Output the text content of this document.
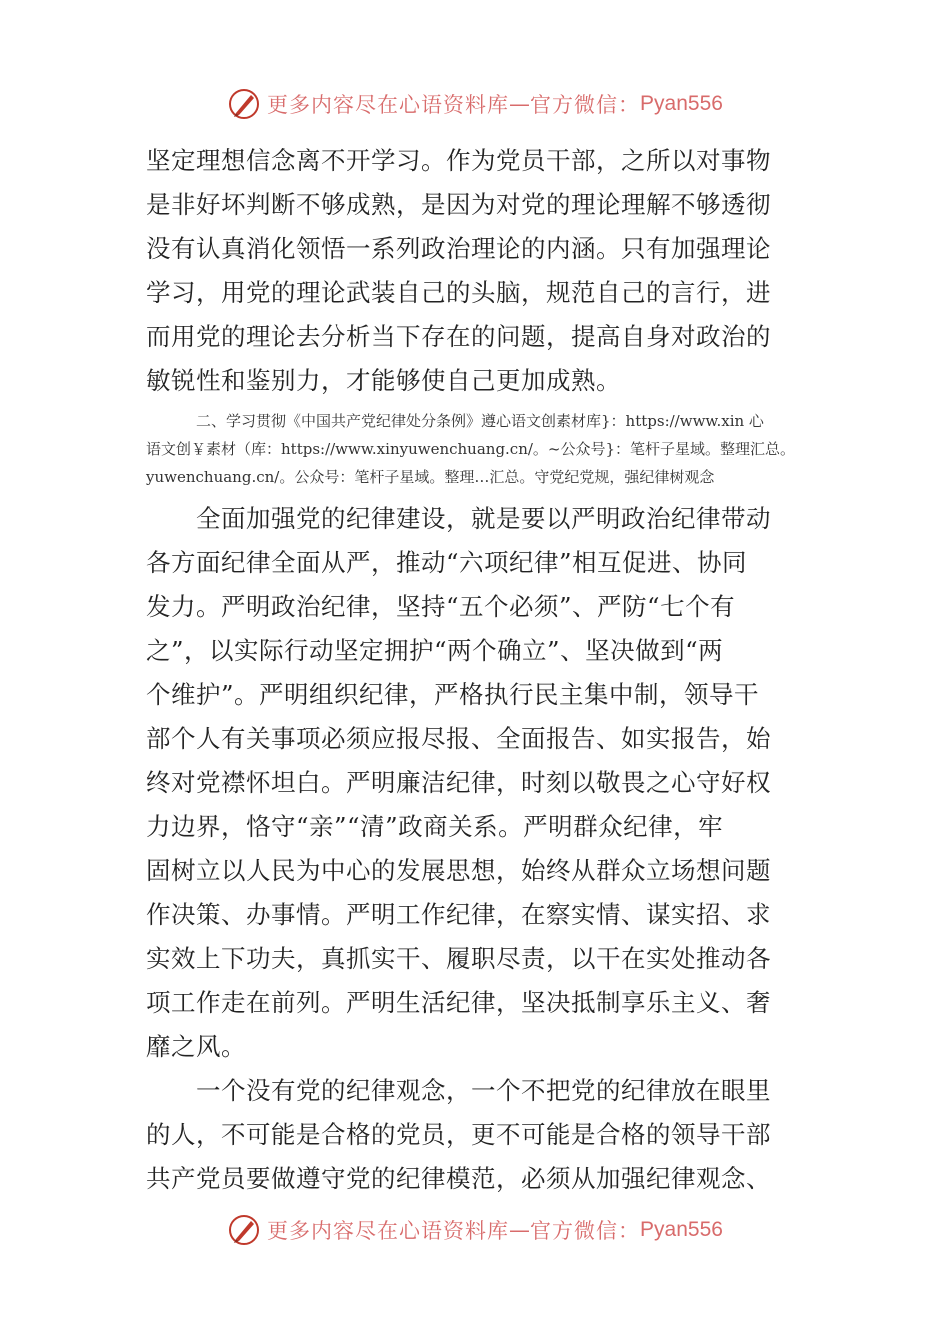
更多内容尽在心语资料库 — 官方微信： Pyan556
坚定理想信念离不开学习。作为党员干部，之所以对事物
是非好坏判断不够成熟，是因为对党的理论理解不够透彻
没有认真消化领悟一系列政治理论的内涵。只有加强理论
学习，用党的理论武装自己的头脑，规范自己的言行，进
而用党的理论去分析当下存在的问题，提高自身对政治的
敏锐性和鉴别力，才能够使自己更加成熟。
二、学习贯彻《中国共产党纪律处分条例》遵心语文创素材库}：https://www.xin 心
语文创￥素材（库：https://www.xinyuwenchuang.cn/。~公众号}：笔杆子星域。整理汇总。
yuwenchuang.cn/。公众号：笔杆子星域。整理…汇总。守党纪党规，强纪律树观念
全面加强党的纪律建设，就是要以严明政治纪律带动
各方面纪律全面从严，推动“六项纪律”相互促进、协同
发力。严明政治纪律，坚持“五个必须”、严防“七个有
之”，以实际行动坚定拥护“两个确立”、坚决做到“两
个维护”。严明组织纪律，严格执行民主集中制，领导干
部个人有关事项必须应报尽报、全面报告、如实报告，始
终对党襟怀坦白。严明廉洁纪律，时刻以敬畏之心守好权
力边界，恪守“亲”“清”政商关系。严明群众纪律，牢
固树立以人民为中心的发展思想，始终从群众立场想问题
作决策、办事情。严明工作纪律，在察实情、谋实招、求
实效上下功夫，真抓实干、履职尽责，以干在实处推动各
项工作走在前列。严明生活纪律，坚决抵制享乐主义、奢
靡之风。
一个没有党的纪律观念，一个不把党的纪律放在眼里
的人，不可能是合格的党员，更不可能是合格的领导干部
共产党员要做遵守党的纪律模范，必须从加强纪律观念、
更多内容尽在心语资料库 — 官方微信： Pyan556
